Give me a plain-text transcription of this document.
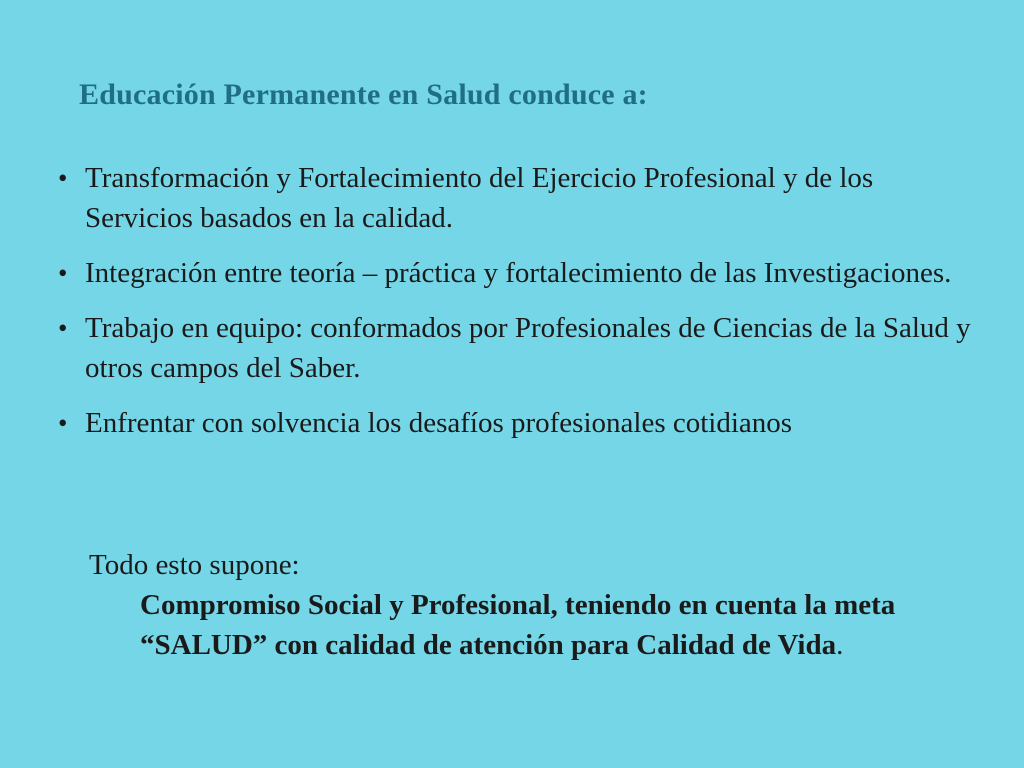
Educación Permanente en Salud conduce a:
• Transformación y Fortalecimiento del Ejercicio Profesional y de los Servicios basados en la calidad.
• Integración entre teoría – práctica y fortalecimiento de las Investigaciones.
• Trabajo en equipo: conformados por Profesionales de Ciencias de la Salud y otros campos del Saber.
• Enfrentar con solvencia los desafíos profesionales cotidianos
Todo esto supone:
Compromiso Social y Profesional, teniendo en cuenta la meta “SALUD” con calidad de atención para Calidad de Vida.
